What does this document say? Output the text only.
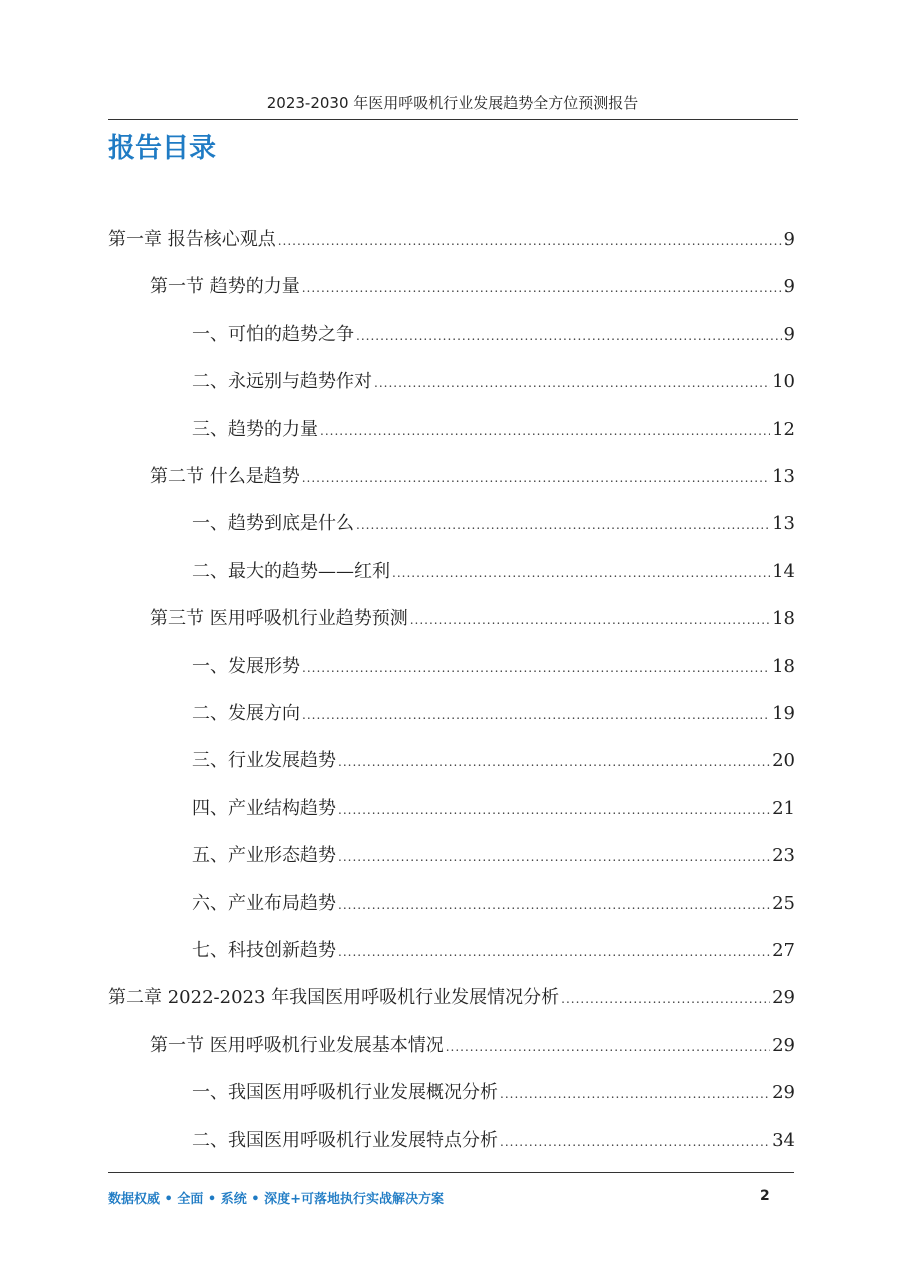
2023-2030 年医用呼吸机行业发展趋势全方位预测报告
报告目录
第一章 报告核心观点 .....	9
第一节 趋势的力量 .....	9
一、可怕的趋势之争 .....	9
二、永远别与趋势作对 .....	10
三、趋势的力量 .....	12
第二节 什么是趋势 .....	13
一、趋势到底是什么 .....	13
二、最大的趋势——红利 .....	14
第三节 医用呼吸机行业趋势预测 .....	18
一、发展形势 .....	18
二、发展方向 .....	19
三、行业发展趋势 .....	20
四、产业结构趋势 .....	21
五、产业形态趋势 .....	23
六、产业布局趋势 .....	25
七、科技创新趋势 .....	27
第二章 2022-2023 年我国医用呼吸机行业发展情况分析 .....	29
第一节 医用呼吸机行业发展基本情况 .....	29
一、我国医用呼吸机行业发展概况分析 .....	29
二、我国医用呼吸机行业发展特点分析 .....	34
数据权威 • 全面 • 系统 • 深度+可落地执行实战解决方案	2
